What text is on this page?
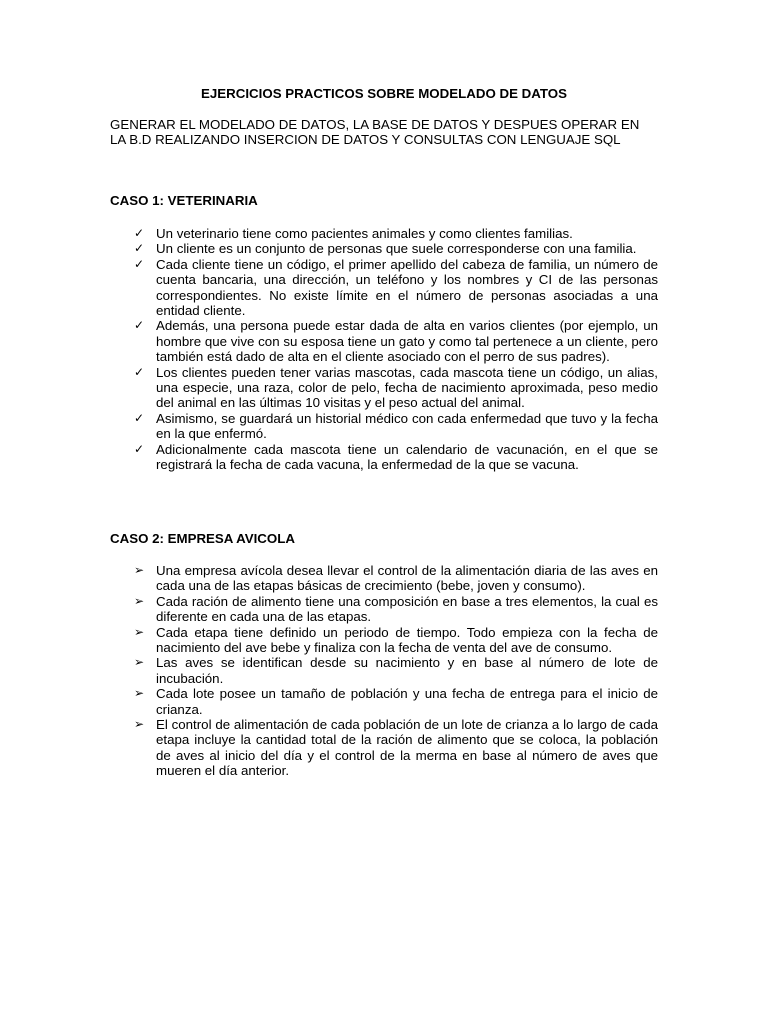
EJERCICIOS PRACTICOS SOBRE MODELADO DE DATOS
GENERAR EL MODELADO DE DATOS, LA BASE DE DATOS Y DESPUES OPERAR EN LA B.D REALIZANDO INSERCION DE DATOS Y CONSULTAS CON LENGUAJE SQL
CASO 1: VETERINARIA
✓ Un veterinario tiene como pacientes animales y como clientes familias.
✓ Un cliente es un conjunto de personas que suele corresponderse con una familia.
✓ Cada cliente tiene un código, el primer apellido del cabeza de familia, un número de cuenta bancaria, una dirección, un teléfono y los nombres y CI de las personas correspondientes. No existe límite en el número de personas asociadas a una entidad cliente.
✓ Además, una persona puede estar dada de alta en varios clientes (por ejemplo, un hombre que vive con su esposa tiene un gato y como tal pertenece a un cliente, pero también está dado de alta en el cliente asociado con el perro de sus padres).
✓ Los clientes pueden tener varias mascotas, cada mascota tiene un código, un alias, una especie, una raza, color de pelo, fecha de nacimiento aproximada, peso medio del animal en las últimas 10 visitas y el peso actual del animal.
✓ Asimismo, se guardará un historial médico con cada enfermedad que tuvo y la fecha en la que enfermó.
✓ Adicionalmente cada mascota tiene un calendario de vacunación, en el que se registrará la fecha de cada vacuna, la enfermedad de la que se vacuna.
CASO 2: EMPRESA AVICOLA
➢ Una empresa avícola desea llevar el control de la alimentación diaria de las aves en cada una de las etapas básicas de crecimiento (bebe, joven y consumo).
➢ Cada ración de alimento tiene una composición en base a tres elementos, la cual es diferente en cada una de las etapas.
➢ Cada etapa tiene definido un periodo de tiempo. Todo empieza con la fecha de nacimiento del ave bebe y finaliza con la fecha de venta del ave de consumo.
➢ Las aves se identifican desde su nacimiento y en base al número de lote de incubación.
➢ Cada lote posee un tamaño de población y una fecha de entrega para el inicio de crianza.
➢ El control de alimentación de cada población de un lote de crianza a lo largo de cada etapa incluye la cantidad total de la ración de alimento que se coloca, la población de aves al inicio del día y el control de la merma en base al número de aves que mueren el día anterior.
